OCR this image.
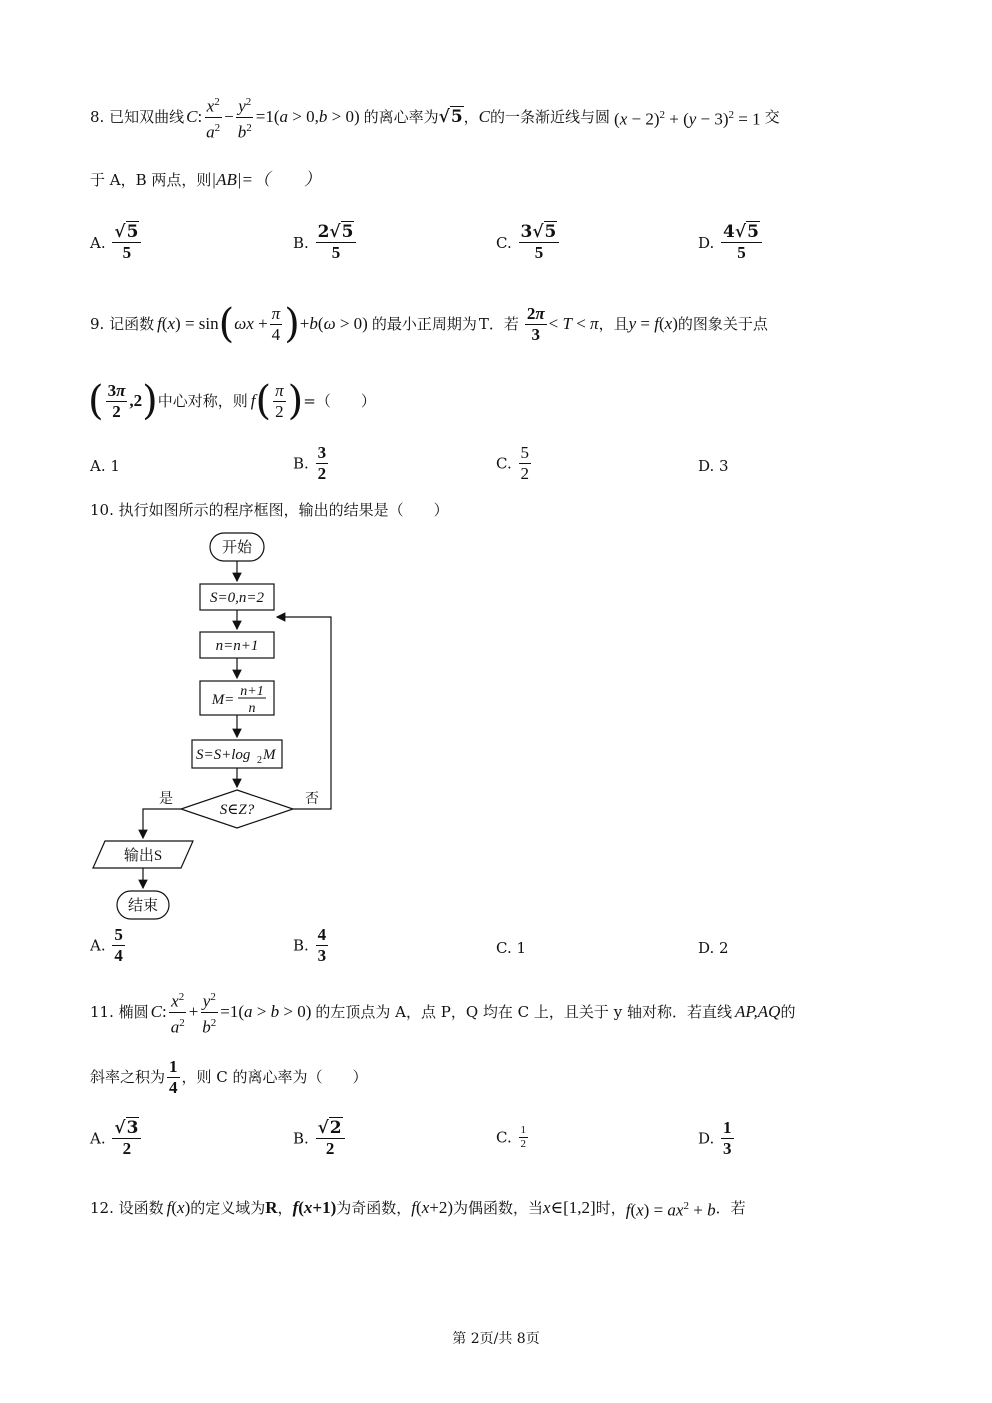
8. 已知双曲线 C : $\frac{x^2}{a^2} - \frac{y^2}{b^2} =1(a > 0,b > 0)$ 的离心率为 √5 ， C 的一条渐近线与圆 $(x - 2)^2 + (y - 3)^2 = 1$ 交
于 A，B 两点，则|AB|=（　　）
A. $\frac{√5}{5}$	B. $\frac{2√5}{5}$	C. $\frac{3√5}{5}$	D. $\frac{4√5}{5}$
9. 记函数 f(x) = sin ( $\omega x + \frac{\pi}{4}$ ) +b(ω > 0) 的最小正周期为 T．若 $\frac{2\pi}{3} < T < \pi$ ，且 y = f(x) 的图象关于点
( $\frac{3\pi}{2} ,2$ ) 中心对称，则 f ( $\frac{\pi}{2}$ ) =（　　）
A. 1	B. $\frac{3}{2}$	C. $\frac{5}{2}$	D. 3
10. 执行如图所示的程序框图，输出的结果是（　　）
开始
S=0,n=2
n=n+1
M=
n+1
n
S=S+log 2 M
S∈Z?
是	否
输出S
结束
A. $\frac{5}{4}$	B. $\frac{4}{3}$	C. 1	D. 2
11. 椭圆 C : $\frac{x^2}{a^2} + \frac{y^2}{b^2} =1(a > b > 0)$ 的左顶点为 A，点 P，Q 均在 C 上，且关于 y 轴对称．若直线 AP,AQ 的
斜率之积为 $\frac{1}{4}$ ，则 C 的离心率为（　　）
A. $\frac{√3}{2}$	B. $\frac{√2}{2}$	C. $\frac{1}{2}$	D. $\frac{1}{3}$
12. 设函数 f(x) 的定义域为 R ， f(x+1) 为奇函数， f(x+2) 为偶函数，当 x∈[1,2] 时， $f(x) = ax^2 + b$ ．若
第 2页/共 8页
